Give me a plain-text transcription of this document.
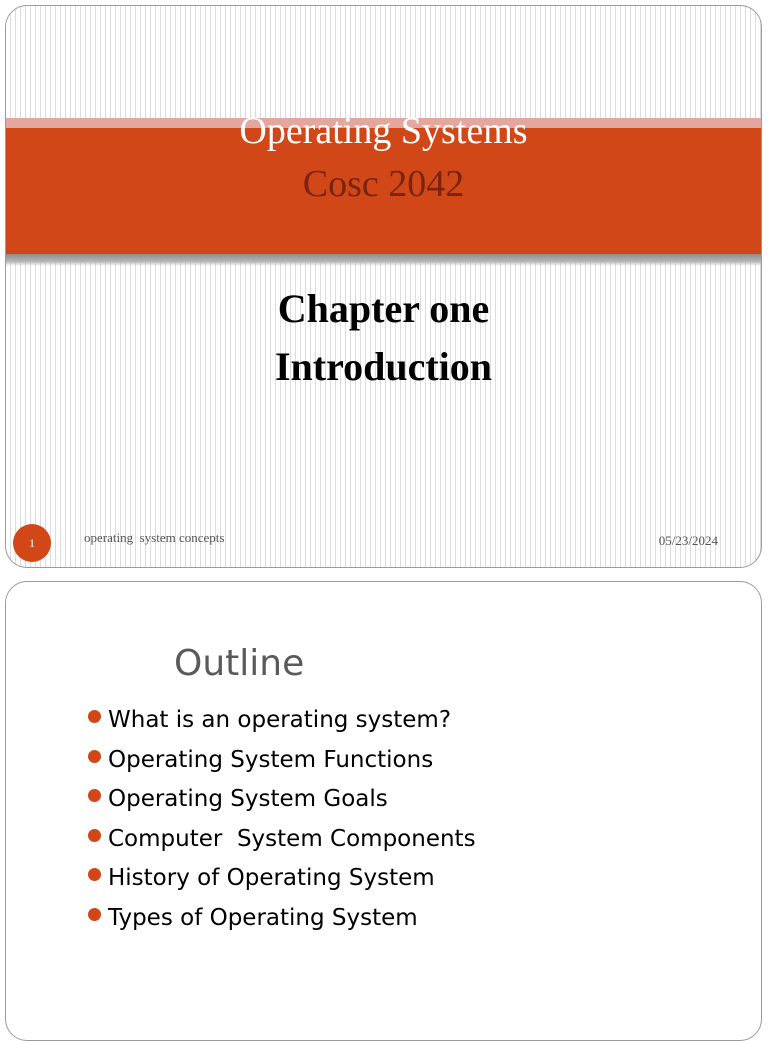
Operating Systems
Cosc 2042
Chapter one
Introduction
1	operating  system concepts	05/23/2024
Outline

What is an operating system?

Operating System Functions

Operating System Goals

Computer  System Components

History of Operating System

Types of Operating System
